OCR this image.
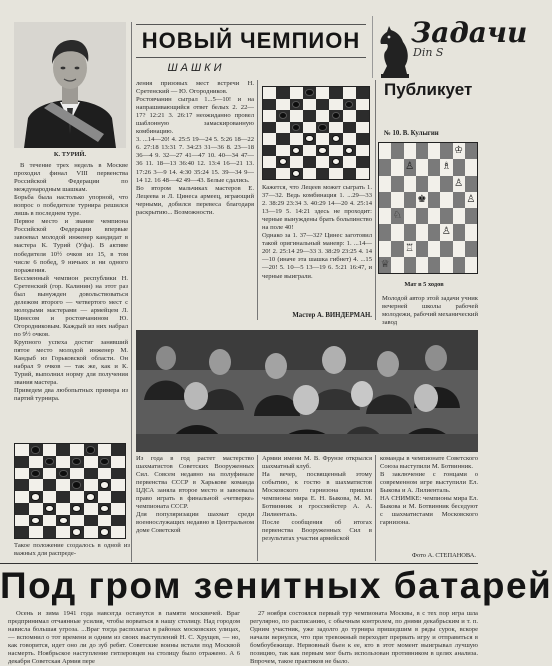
НОВЫЙ ЧЕМПИОН
ШАШКИ
Задачи
Din S
Публикует
К. ТУРИЙ.
В течение трех недель в Москве проходил финал VIII первенства Российской Федерации по международным шашкам.
Борьба была настолько упорной, что вопрос о победителе турнира решился лишь в последнем туре.
Первое место и звание чемпиона Российской Федерации впервые завоевал молодой инженер кандидат в мастера К. Турий (Уфа). В активе победителя 10½ очков из 15, в том числе 6 побед, 9 ничьих и ни одного поражения.
Бессменный чемпион республики Н. Сретенский (гор. Калинин) на этот раз был вынужден довольствоваться дележом второго — четвертого мест с молодыми мастерами — армейцем Л. Цинесом и ростовчанином Ю. Огородниковым. Каждый из них набрал по 9½ очков.
Крупного успеха достиг занявший пятое место молодой инженер М. Кандыб из Горьковской области. Он набрал 9 очков — так же, как и К. Турий, выполнил норму для получения звания мастера.
Приведем два любопытных примера из партий турнира.
Такое положение создалось в одной из важных для распреде-
ления призовых мест встречи Н. Сретенский — Ю. Огородников.
Ростовчанин сыграл 1...5—10! и на напрашивающийся ответ белых 2. 22—17? 12:21 3. 26:17 неожиданно провел шаблонную замаскированную комбинацию.
3. ...14—20! 4. 25:5 19—24 5. 5:26 18—22 6. 27:18 13:31 7. 34:23 31—36 8. 23—18 36—4 9. 32—27 41—47 10. 40—34 47—36 11. 18—13 36:40 12. 13:4 16—21 13. 17:26 3—9 14. 4:30 35:24 15. 39—34 9—14 12. 16 48—42 49—43. Белые сдались.
Во втором мальчиках мастеров Е. Лецеева и Л. Цинеса армеец, играющий черными, добился перевеса благодаря раскрытию... Возможности.
Кажется, что Лецеев может сыграть 1. 37—32. Ведь комбинация 1. ...29—33 2. 38:29 23:34 3. 40:29 14—20 4. 25:14 13—19 5. 14:21 здесь не проходит: черные вынуждены брать больпинство на поле 40!
Однако за 1. 37—32? Цинес заготовил такой оригинальный маневр: 1. ...14—20! 2. 25:14 29—33 3. 38:29 23:25 4. 14—10 (иначе эта шашка гибнет) 4. ...15—20! 5. 10—5 13—19 6. 5:21 16:47, и черные выиграли.
Мастер А. ВИНДЕРМАН.
№ 10. В. Кулыгин
♔
♙	♗
♙
♚	♙
♘
♙
♖
♕
Мат в 5 ходов
Молодой автор этой задачи учник вечерней школы рабочей молодежи, рабочий механический завод
Из года в год растет мастерство шахматистов Советских Вооруженных Сил. Совсем недавно на полуфинале первенства СССР в Харькове команда ЦДСА заняла второе место и завоевала право играть в финальной «четверке» чемпионата СССР.
Для популяризации шахмат среди военнослужащих недавно в Центральном доме Советской
Армии имени М. В. Фрунзе открылся шахматный клуб.
На вечер, посвященный этому событию, к гостю в шахматистов Московского гарнизона пришли чемпионы мира Е. Н. Быкова, М. М. Ботвинник и гроссмейстер А. А. Лилиенталь.
После сообщения об итогах первенства Вооруженных Сил в результатах участия армейской
команды в чемпионате Советского Союза выступили М. Ботвинник.
В заключение с гонцами о современном игре выступили Ел. Быкова и А. Лилиенталь.
НА СНИМКЕ: чемпионы мира Ел. Быкова и М. Ботвинник беседуют с шахматистами Московского гарнизона.
Фото А. СТЕПАНОВА.
Под гром зенитных батарей
Осень и зима 1941 года навсегда останутся в памяти москвичей. Враг предпринимал отчаянные усилия, чтобы ворваться в нашу столицу. Над городом нависла большая угроза. ...Враг тогда располагал в районах московских улицах, — вспомнил о тот времени и одним из своих выступлений Н. С. Хрущев, — но, как говорится, идет оно ли до зуб ребят. Советские воины встали под Москвой насмерть. Ноябрьское наступление гитлеровцев на столицу было отражено. А 6 декабря Советская Армия пере
27 ноября состоялся первый тур чемпионата Москвы, в с тех пор игра шла регулярно, по расписанию, с обычным контролем, по днями декабрьским и т. п. Одним участник, уже задолго до турнира пришедшим в ряды сурок, вскоре начали вернулся, что при тревожный переходит прервать игру и отправиться в бомбоубежище. Нервовный бьен к ее, кто в этот момент выигрывал лучшую позицию, так как первым мог быть использован противником в целях анализа. Впрочем, такое практиков не было.
